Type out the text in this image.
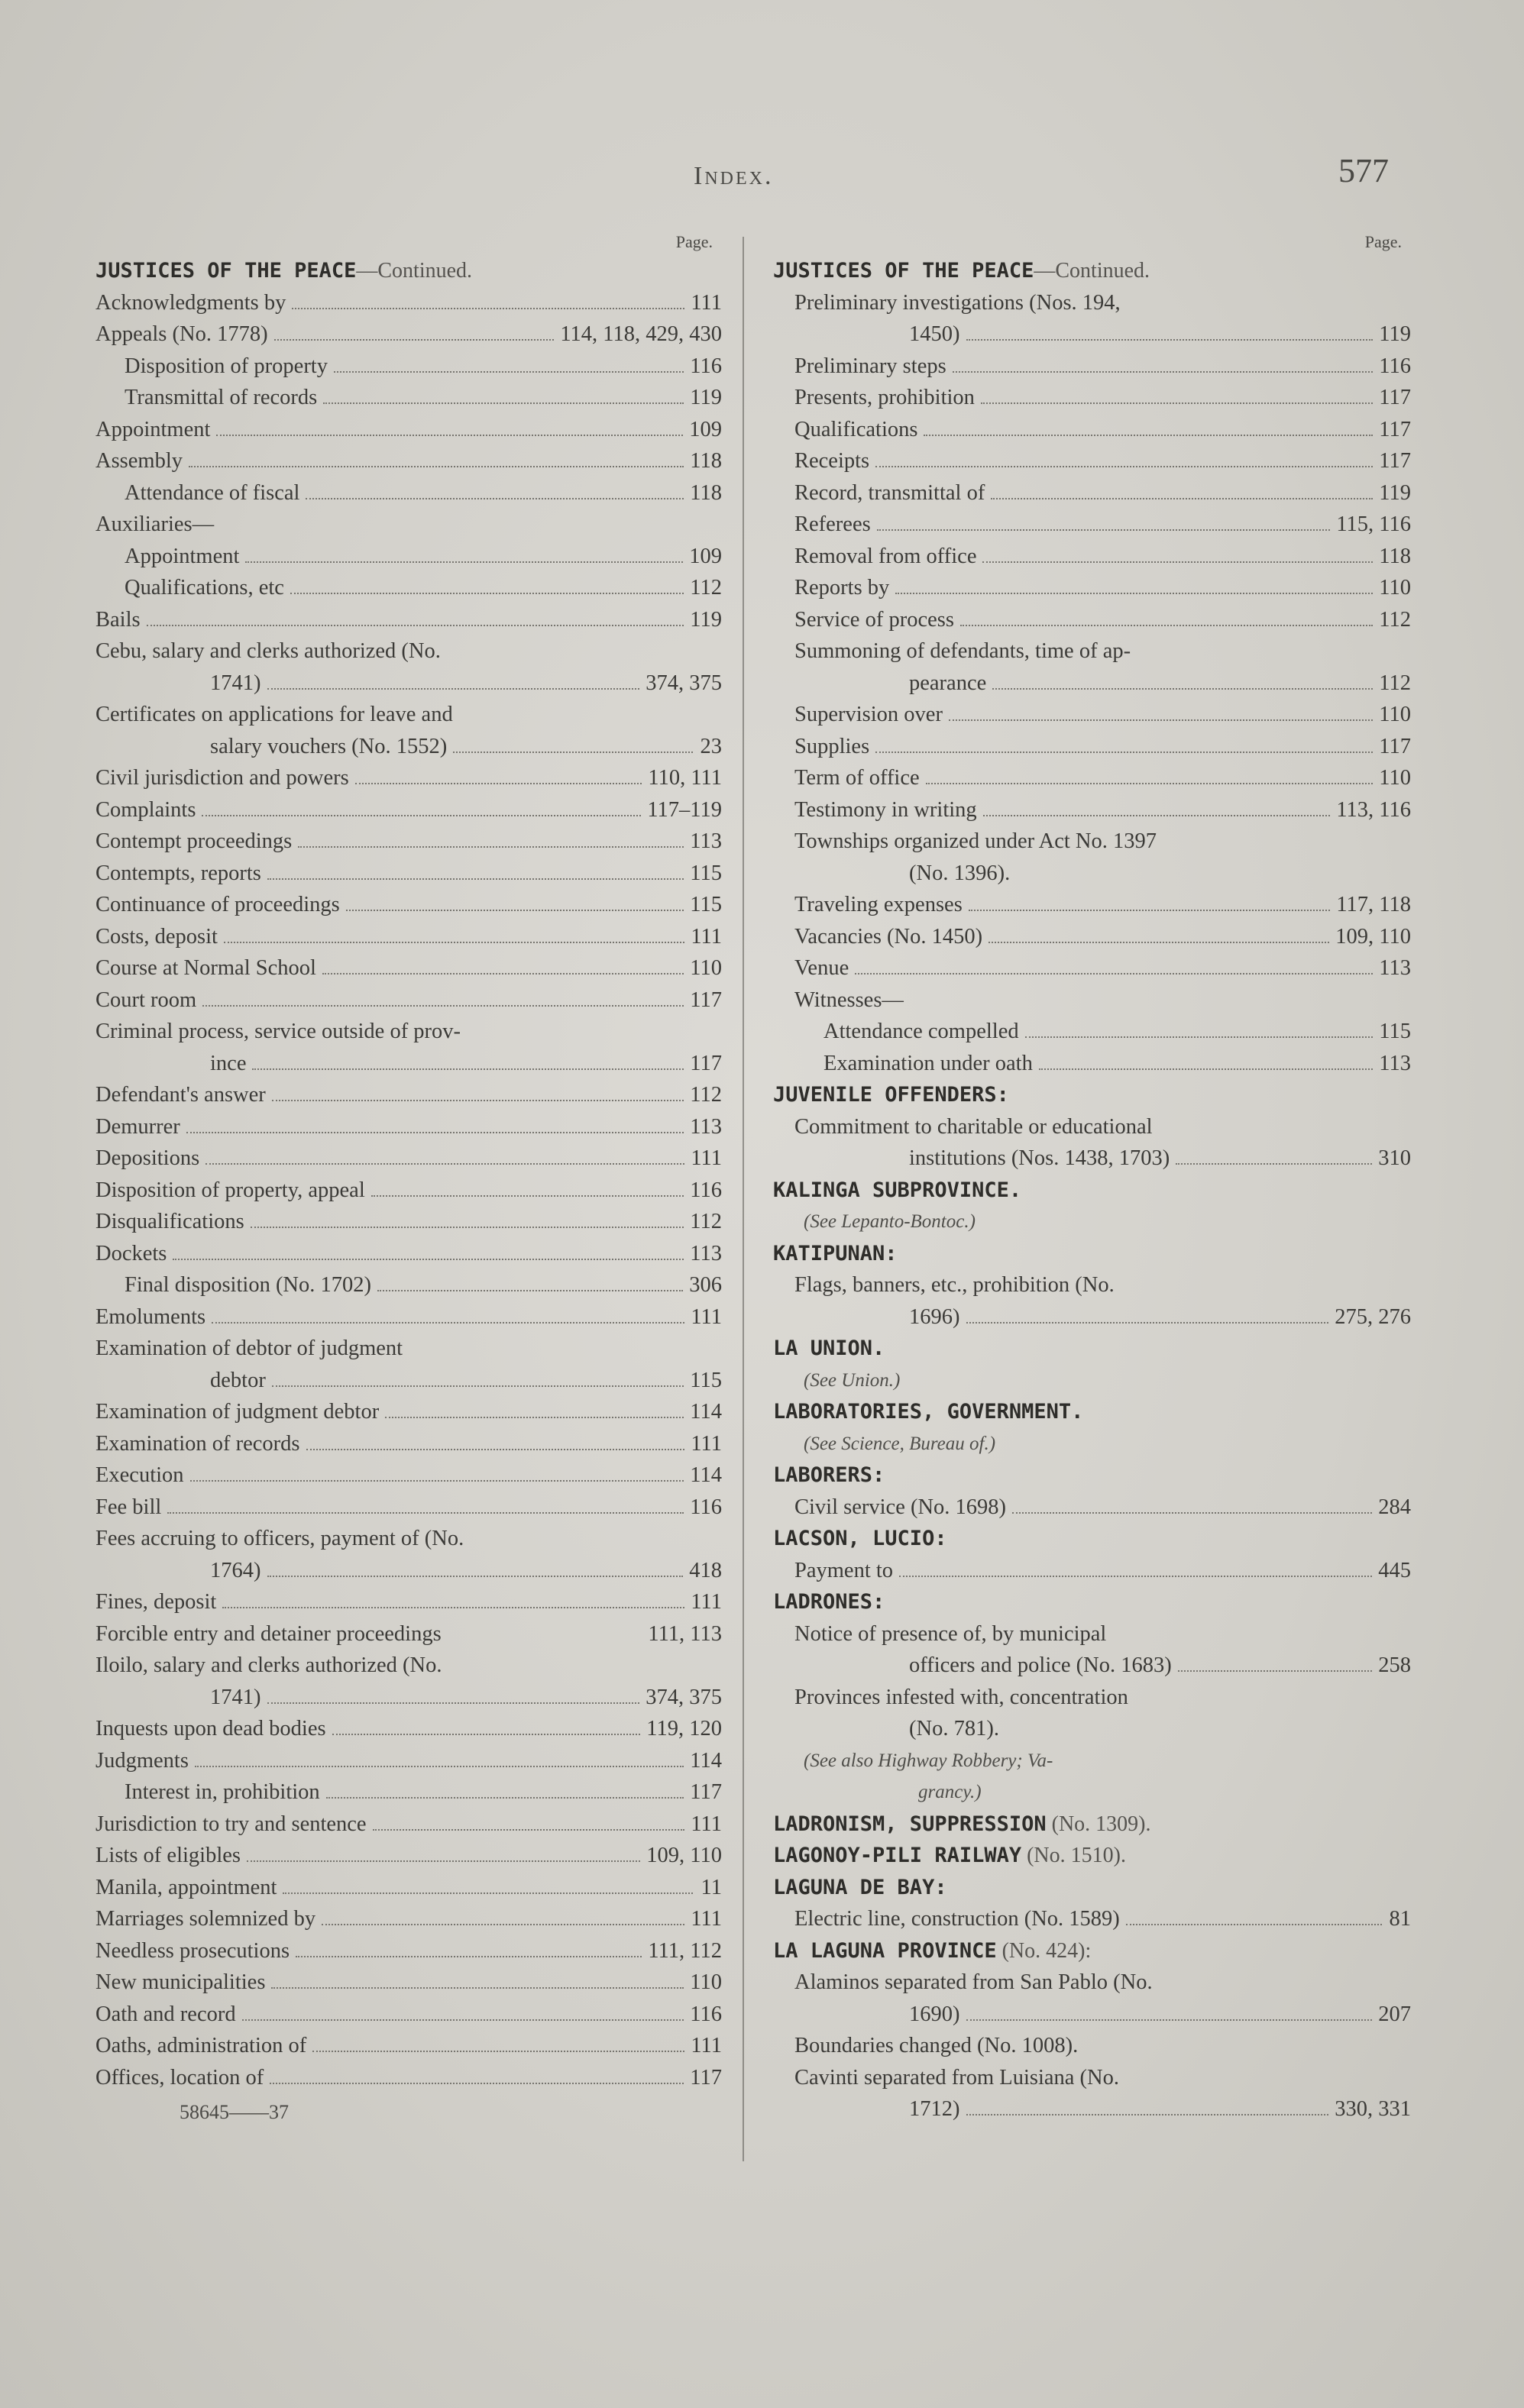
Index.	577
Page.
JUSTICES OF THE PEACE—Continued.
Acknowledgments by	111
Appeals (No. 1778)	114, 118, 429, 430
Disposition of property	116
Transmittal of records	119
Appointment	109
Assembly	118
Attendance of fiscal	118
Auxiliaries—
Appointment	109
Qualifications, etc	112
Bails	119
Cebu, salary and clerks authorized (No.
1741)	374, 375
Certificates on applications for leave and
salary vouchers (No. 1552)	23
Civil jurisdiction and powers	110, 111
Complaints	117–119
Contempt proceedings	113
Contempts, reports	115
Continuance of proceedings	115
Costs, deposit	111
Course at Normal School	110
Court room	117
Criminal process, service outside of prov-
ince	117
Defendant's answer	112
Demurrer	113
Depositions	111
Disposition of property, appeal	116
Disqualifications	112
Dockets	113
Final disposition (No. 1702)	306
Emoluments	111
Examination of debtor of judgment
debtor	115
Examination of judgment debtor	114
Examination of records	111
Execution	114
Fee bill	116
Fees accruing to officers, payment of (No.
1764)	418
Fines, deposit	111
Forcible entry and detainer proceedings	111, 113
Iloilo, salary and clerks authorized (No.
1741)	374, 375
Inquests upon dead bodies	119, 120
Judgments	114
Interest in, prohibition	117
Jurisdiction to try and sentence	111
Lists of eligibles	109, 110
Manila, appointment	11
Marriages solemnized by	111
Needless prosecutions	111, 112
New municipalities	110
Oath and record	116
Oaths, administration of	111
Offices, location of	117
58645——37
Page.
JUSTICES OF THE PEACE—Continued.
Preliminary investigations (Nos. 194,
1450)	119
Preliminary steps	116
Presents, prohibition	117
Qualifications	117
Receipts	117
Record, transmittal of	119
Referees	115, 116
Removal from office	118
Reports by	110
Service of process	112
Summoning of defendants, time of ap-
pearance	112
Supervision over	110
Supplies	117
Term of office	110
Testimony in writing	113, 116
Townships organized under Act No. 1397
(No. 1396).
Traveling expenses	117, 118
Vacancies (No. 1450)	109, 110
Venue	113
Witnesses—
Attendance compelled	115
Examination under oath	113
JUVENILE OFFENDERS:
Commitment to charitable or educational
institutions (Nos. 1438, 1703)	310
KALINGA SUBPROVINCE.
(See Lepanto-Bontoc.)
KATIPUNAN:
Flags, banners, etc., prohibition (No.
1696)	275, 276
LA UNION.
(See Union.)
LABORATORIES, GOVERNMENT.
(See Science, Bureau of.)
LABORERS:
Civil service (No. 1698)	284
LACSON, LUCIO:
Payment to	445
LADRONES:
Notice of presence of, by municipal
officers and police (No. 1683)	258
Provinces infested with, concentration
(No. 781).
(See also Highway Robbery; Va-
grancy.)
LADRONISM, SUPPRESSION (No. 1309).
LAGONOY-PILI RAILWAY (No. 1510).
LAGUNA DE BAY:
Electric line, construction (No. 1589)	81
LA LAGUNA PROVINCE (No. 424):
Alaminos separated from San Pablo (No.
1690)	207
Boundaries changed (No. 1008).
Cavinti separated from Luisiana (No.
1712)	330, 331
